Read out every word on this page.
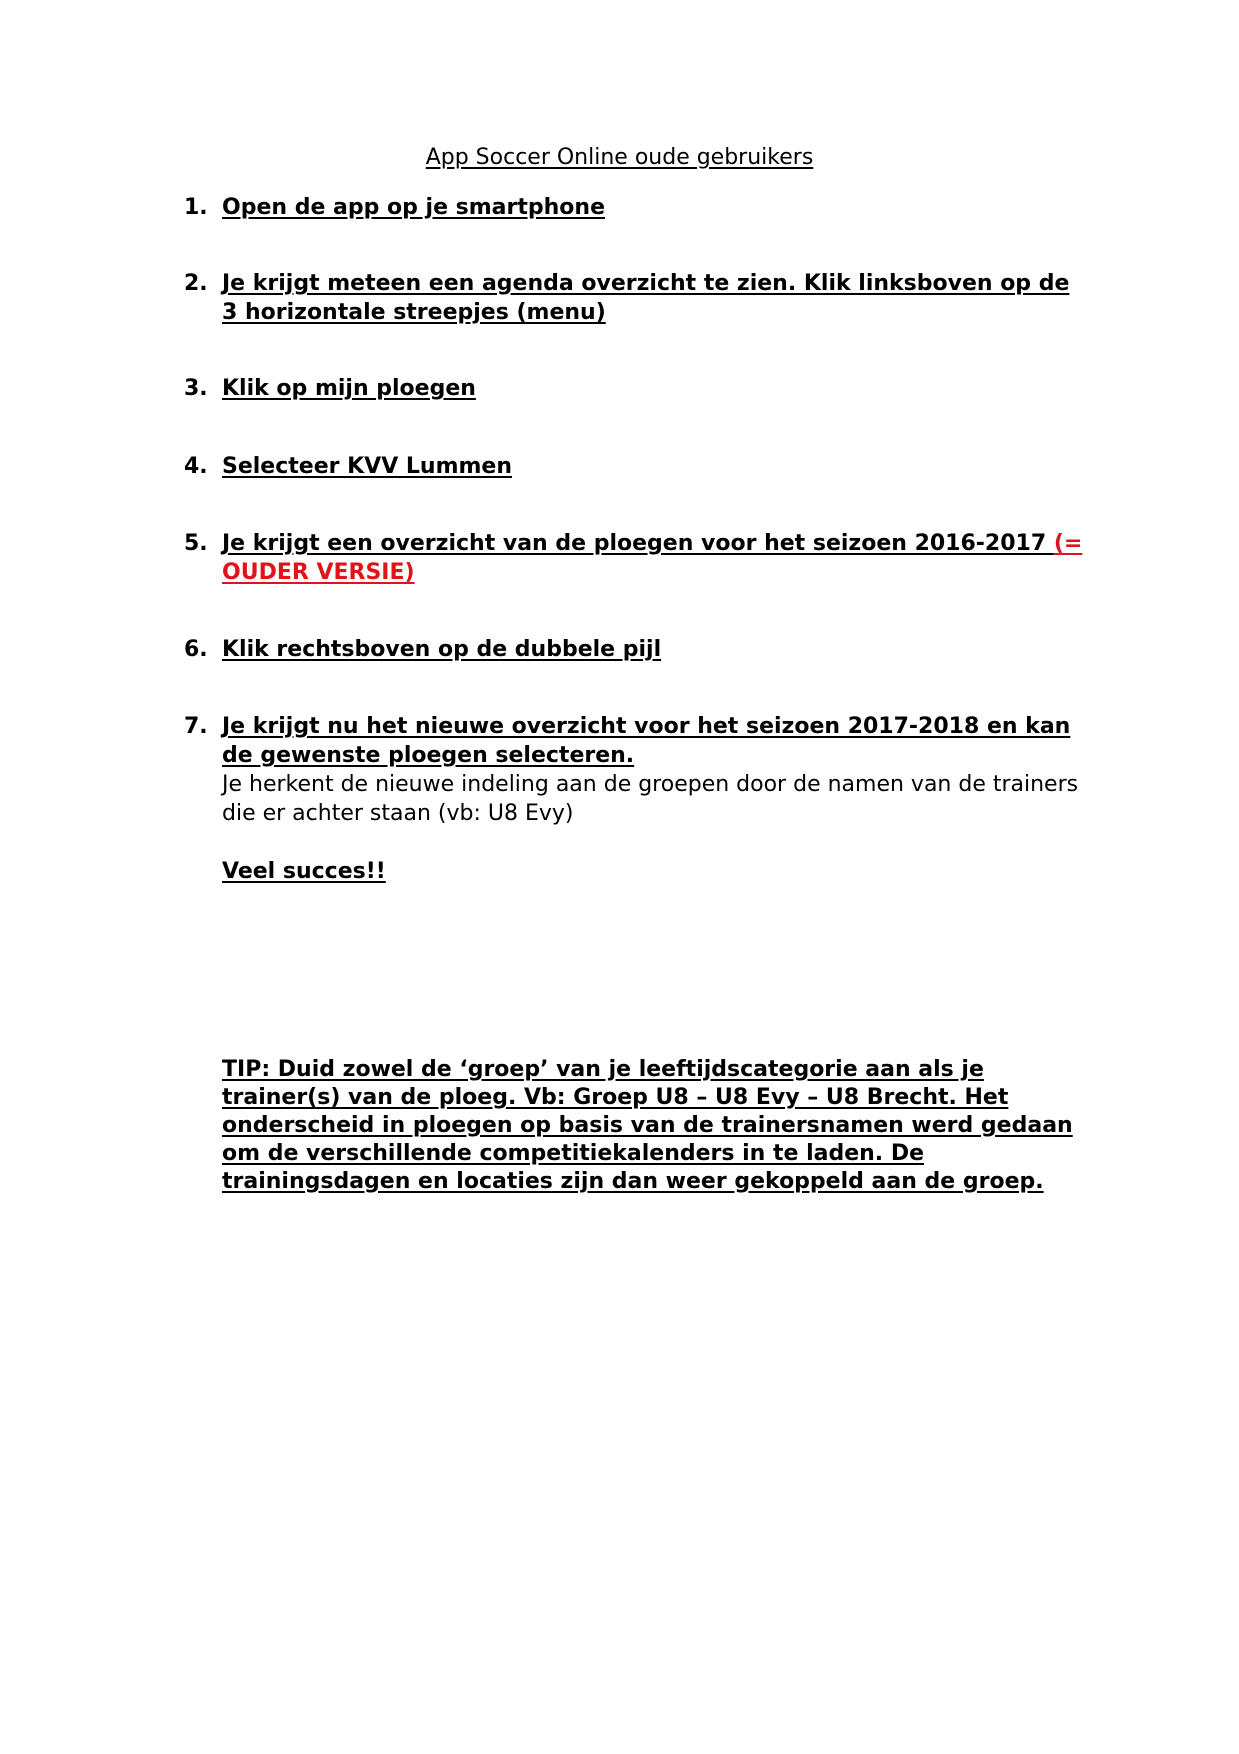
App Soccer Online oude gebruikers
1. Open de app op je smartphone
2. Je krijgt meteen een agenda overzicht te zien. Klik linksboven op de 3 horizontale streepjes (menu)
3. Klik op mijn ploegen
4. Selecteer KVV Lummen
5. Je krijgt een overzicht van de ploegen voor het seizoen 2016-2017 (= OUDER VERSIE)
6. Klik rechtsboven op de dubbele pijl
7. Je krijgt nu het nieuwe overzicht voor het seizoen 2017-2018 en kan de gewenste ploegen selecteren.
Je herkent de nieuwe indeling aan de groepen door de namen van de trainers die er achter staan (vb: U8 Evy)
Veel succes!!
TIP: Duid zowel de ‘groep’ van je leeftijdscategorie aan als je trainer(s) van de ploeg. Vb: Groep U8 – U8 Evy – U8 Brecht. Het onderscheid in ploegen op basis van de trainersnamen werd gedaan om de verschillende competitiekalenders in te laden. De trainingsdagen en locaties zijn dan weer gekoppeld aan de groep.
